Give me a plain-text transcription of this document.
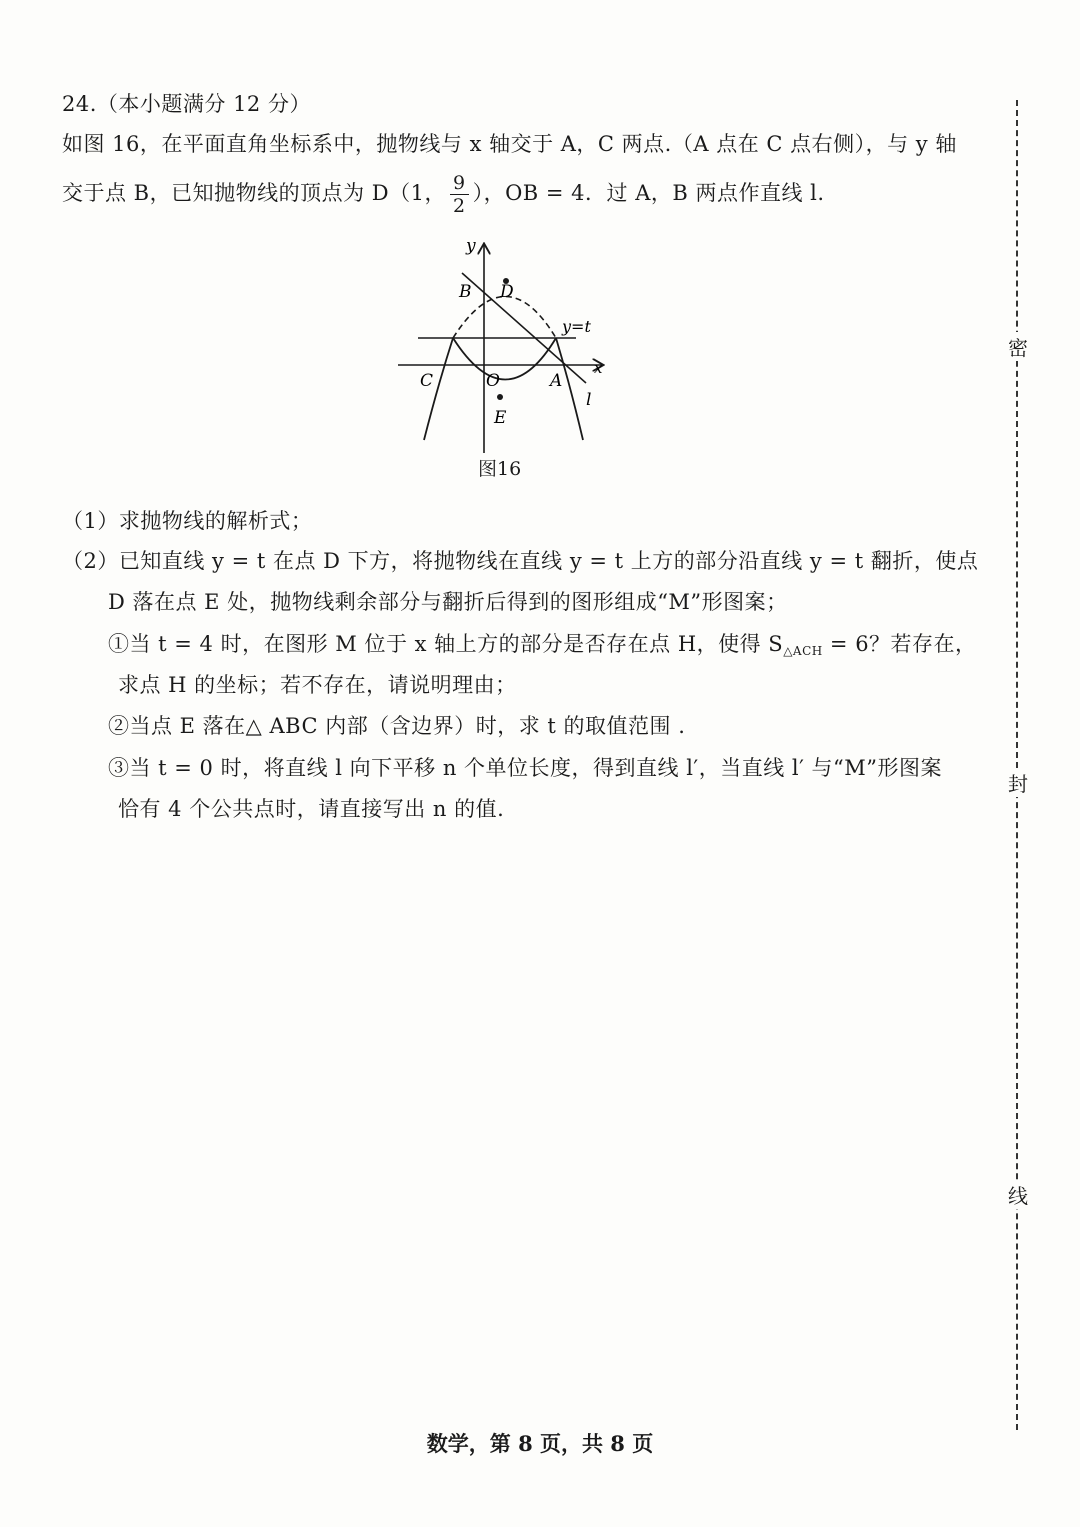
24.（本小题满分 12 分）
如图 16，在平面直角坐标系中，抛物线与 x 轴交于 A，C 两点.（A 点在 C 点右侧），与 y 轴
交于点 B，已知抛物线的顶点为 D（1， $\frac{9}{2}$ ），OB = 4．过 A，B 两点作直线 l.
y
x
B D
y=t
C	O	A
l
E
图16
（1）求抛物线的解析式；
（2）已知直线 y = t 在点 D 下方，将抛物线在直线 y = t 上方的部分沿直线 y = t 翻折，使点
D 落在点 E 处，抛物线剩余部分与翻折后得到的图形组成“M”形图案；
①当 t = 4 时，在图形 M 位于 x 轴上方的部分是否存在点 H，使得 $S_{\triangle ACH} = 6$？若存在，
求点 H 的坐标；若不存在，请说明理由；
②当点 E 落在△ ABC 内部（含边界）时，求 t 的取值范围 .
③当 t = 0 时，将直线 l 向下平移 n 个单位长度，得到直线 l′，当直线 l′ 与“M”形图案
恰有 4 个公共点时，请直接写出 n 的值.
密
封
线
数学，第 8 页，共 8 页
